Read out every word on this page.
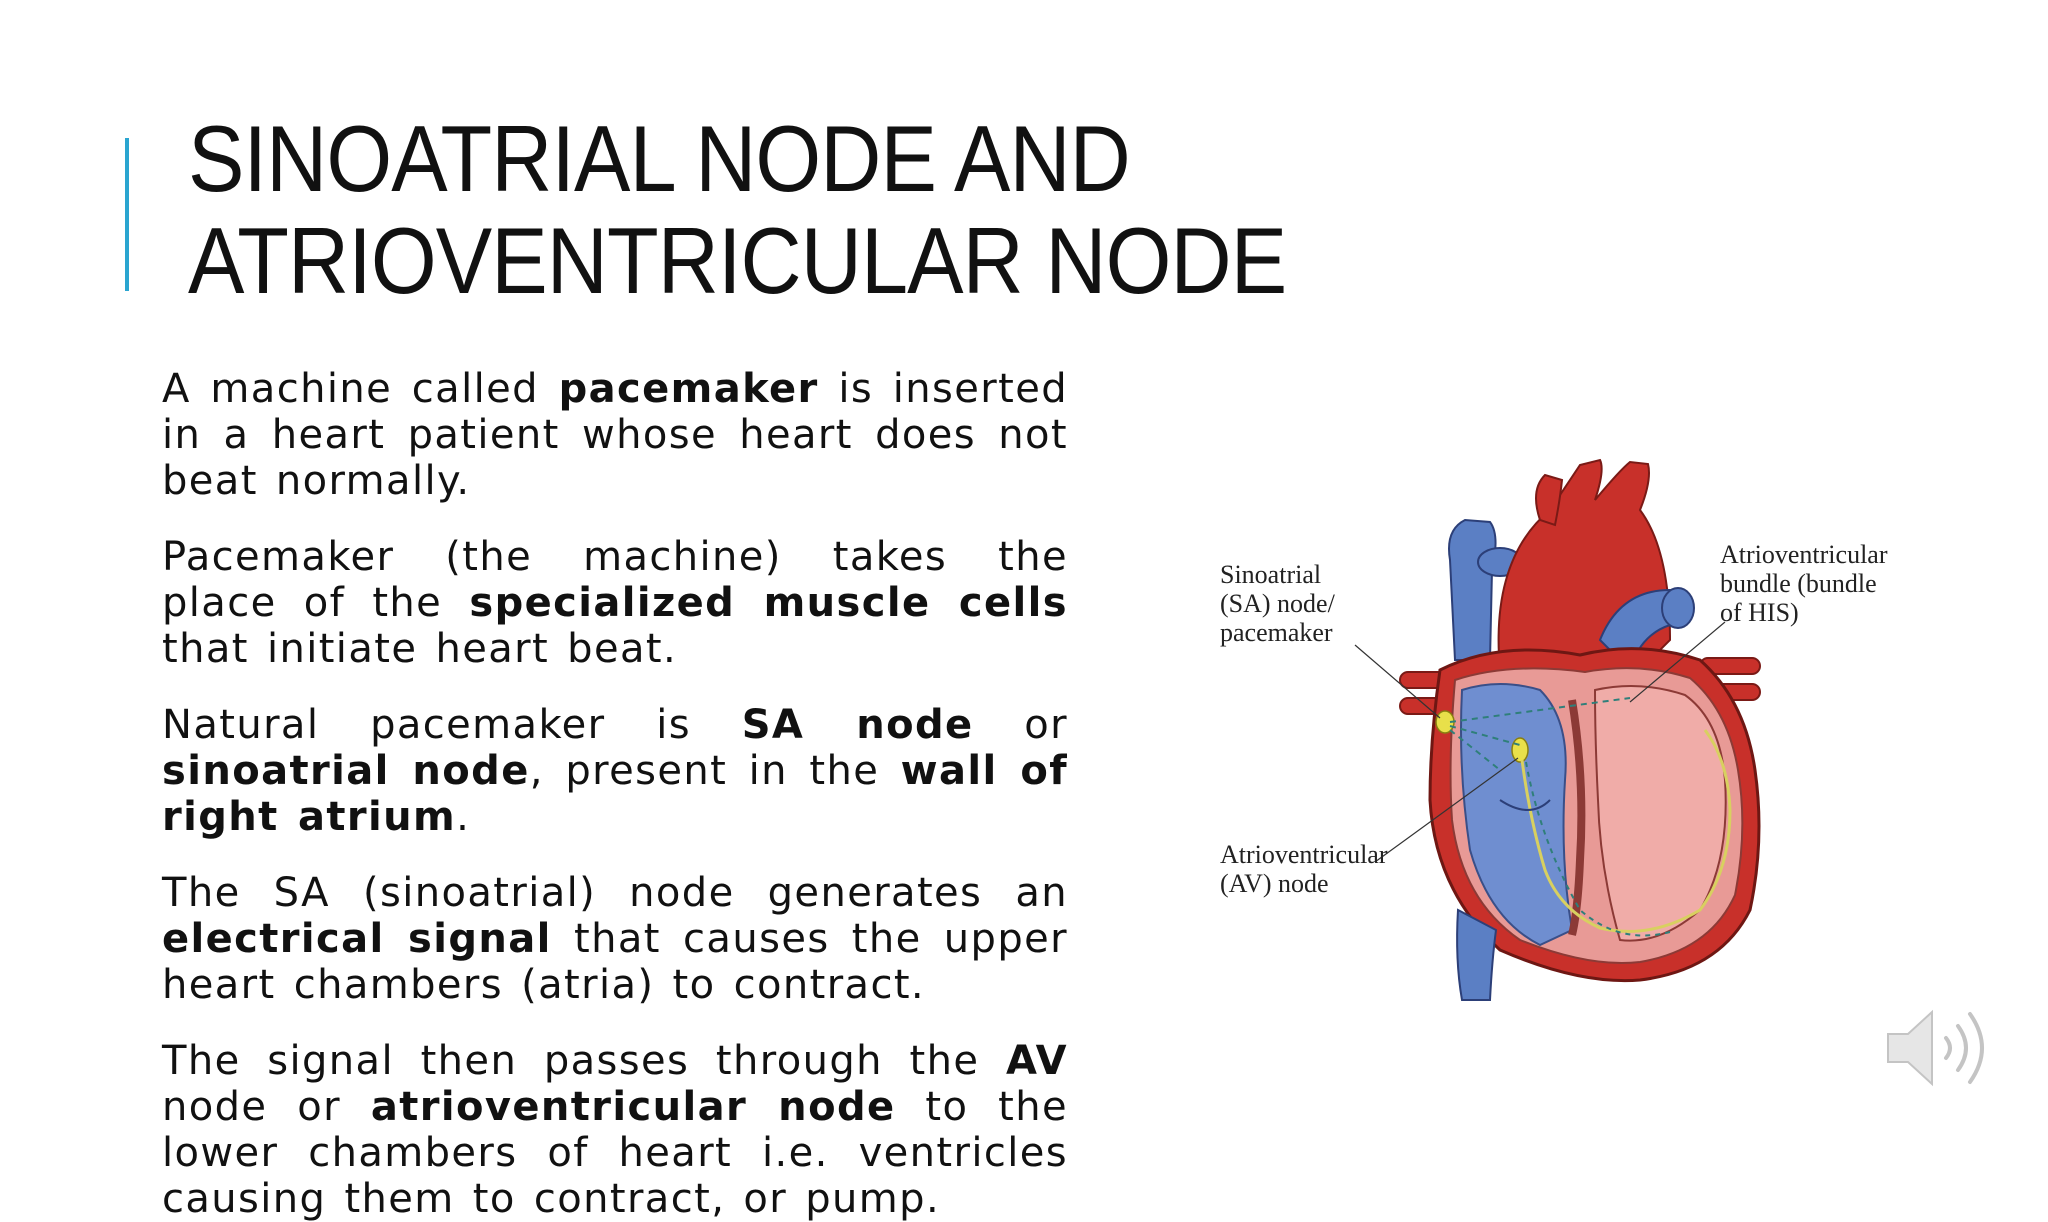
SINOATRIAL NODE AND
ATRIOVENTRICULAR NODE

A machine called pacemaker is inserted in a heart patient whose heart does not beat normally.

Pacemaker (the machine) takes the place of the specialized muscle cells that initiate heart beat.

Natural pacemaker is SA node or sinoatrial node, present in the wall of right atrium.

The SA (sinoatrial) node generates an electrical signal that causes the upper heart chambers (atria) to contract.

The signal then passes through the AV node or atrioventricular node to the lower chambers of heart i.e. ventricles causing them to contract, or pump.

Sinoatrial
(SA) node/
pacemaker
Atrioventricular
(AV) node
Atrioventricular
bundle (bundle
of HIS)
